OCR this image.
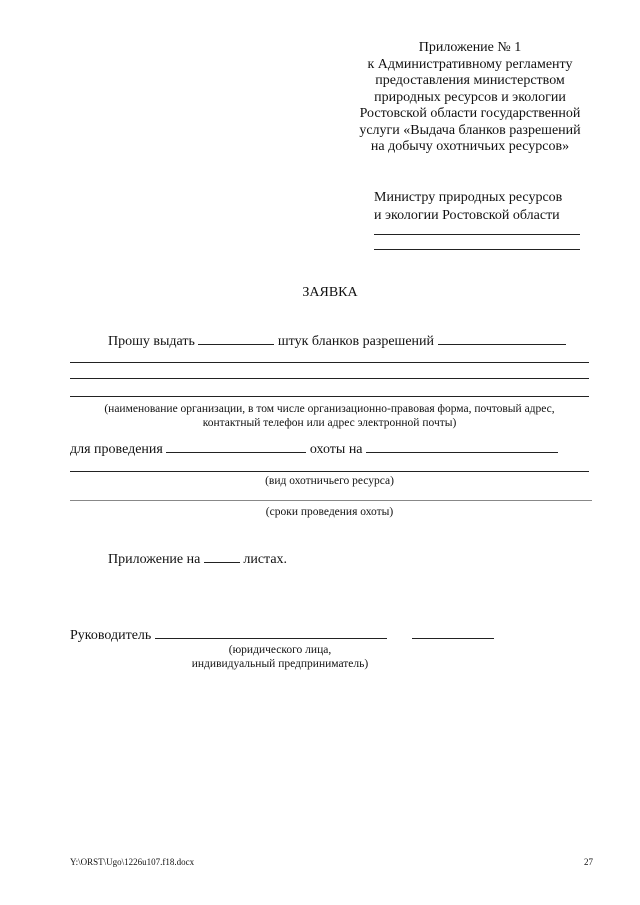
Приложение № 1
к Административному регламенту
предоставления министерством
природных ресурсов и экологии
Ростовской области государственной
услуги «Выдача бланков разрешений
на добычу охотничьих ресурсов»
Министру природных ресурсов
и экологии Ростовской области
ЗАЯВКА
Прошу выдать	штук бланков разрешений
(наименование организации, в том числе организационно-правовая форма, почтовый адрес,
контактный телефон или адрес электронной почты)
для проведения	охоты на
(вид охотничьего ресурса)
(сроки проведения охоты)
Приложение на	листах.
Руководитель
(юридического лица,
индивидуальный предприниматель)
Y:\ORST\Ugo\1226u107.f18.docx	27
